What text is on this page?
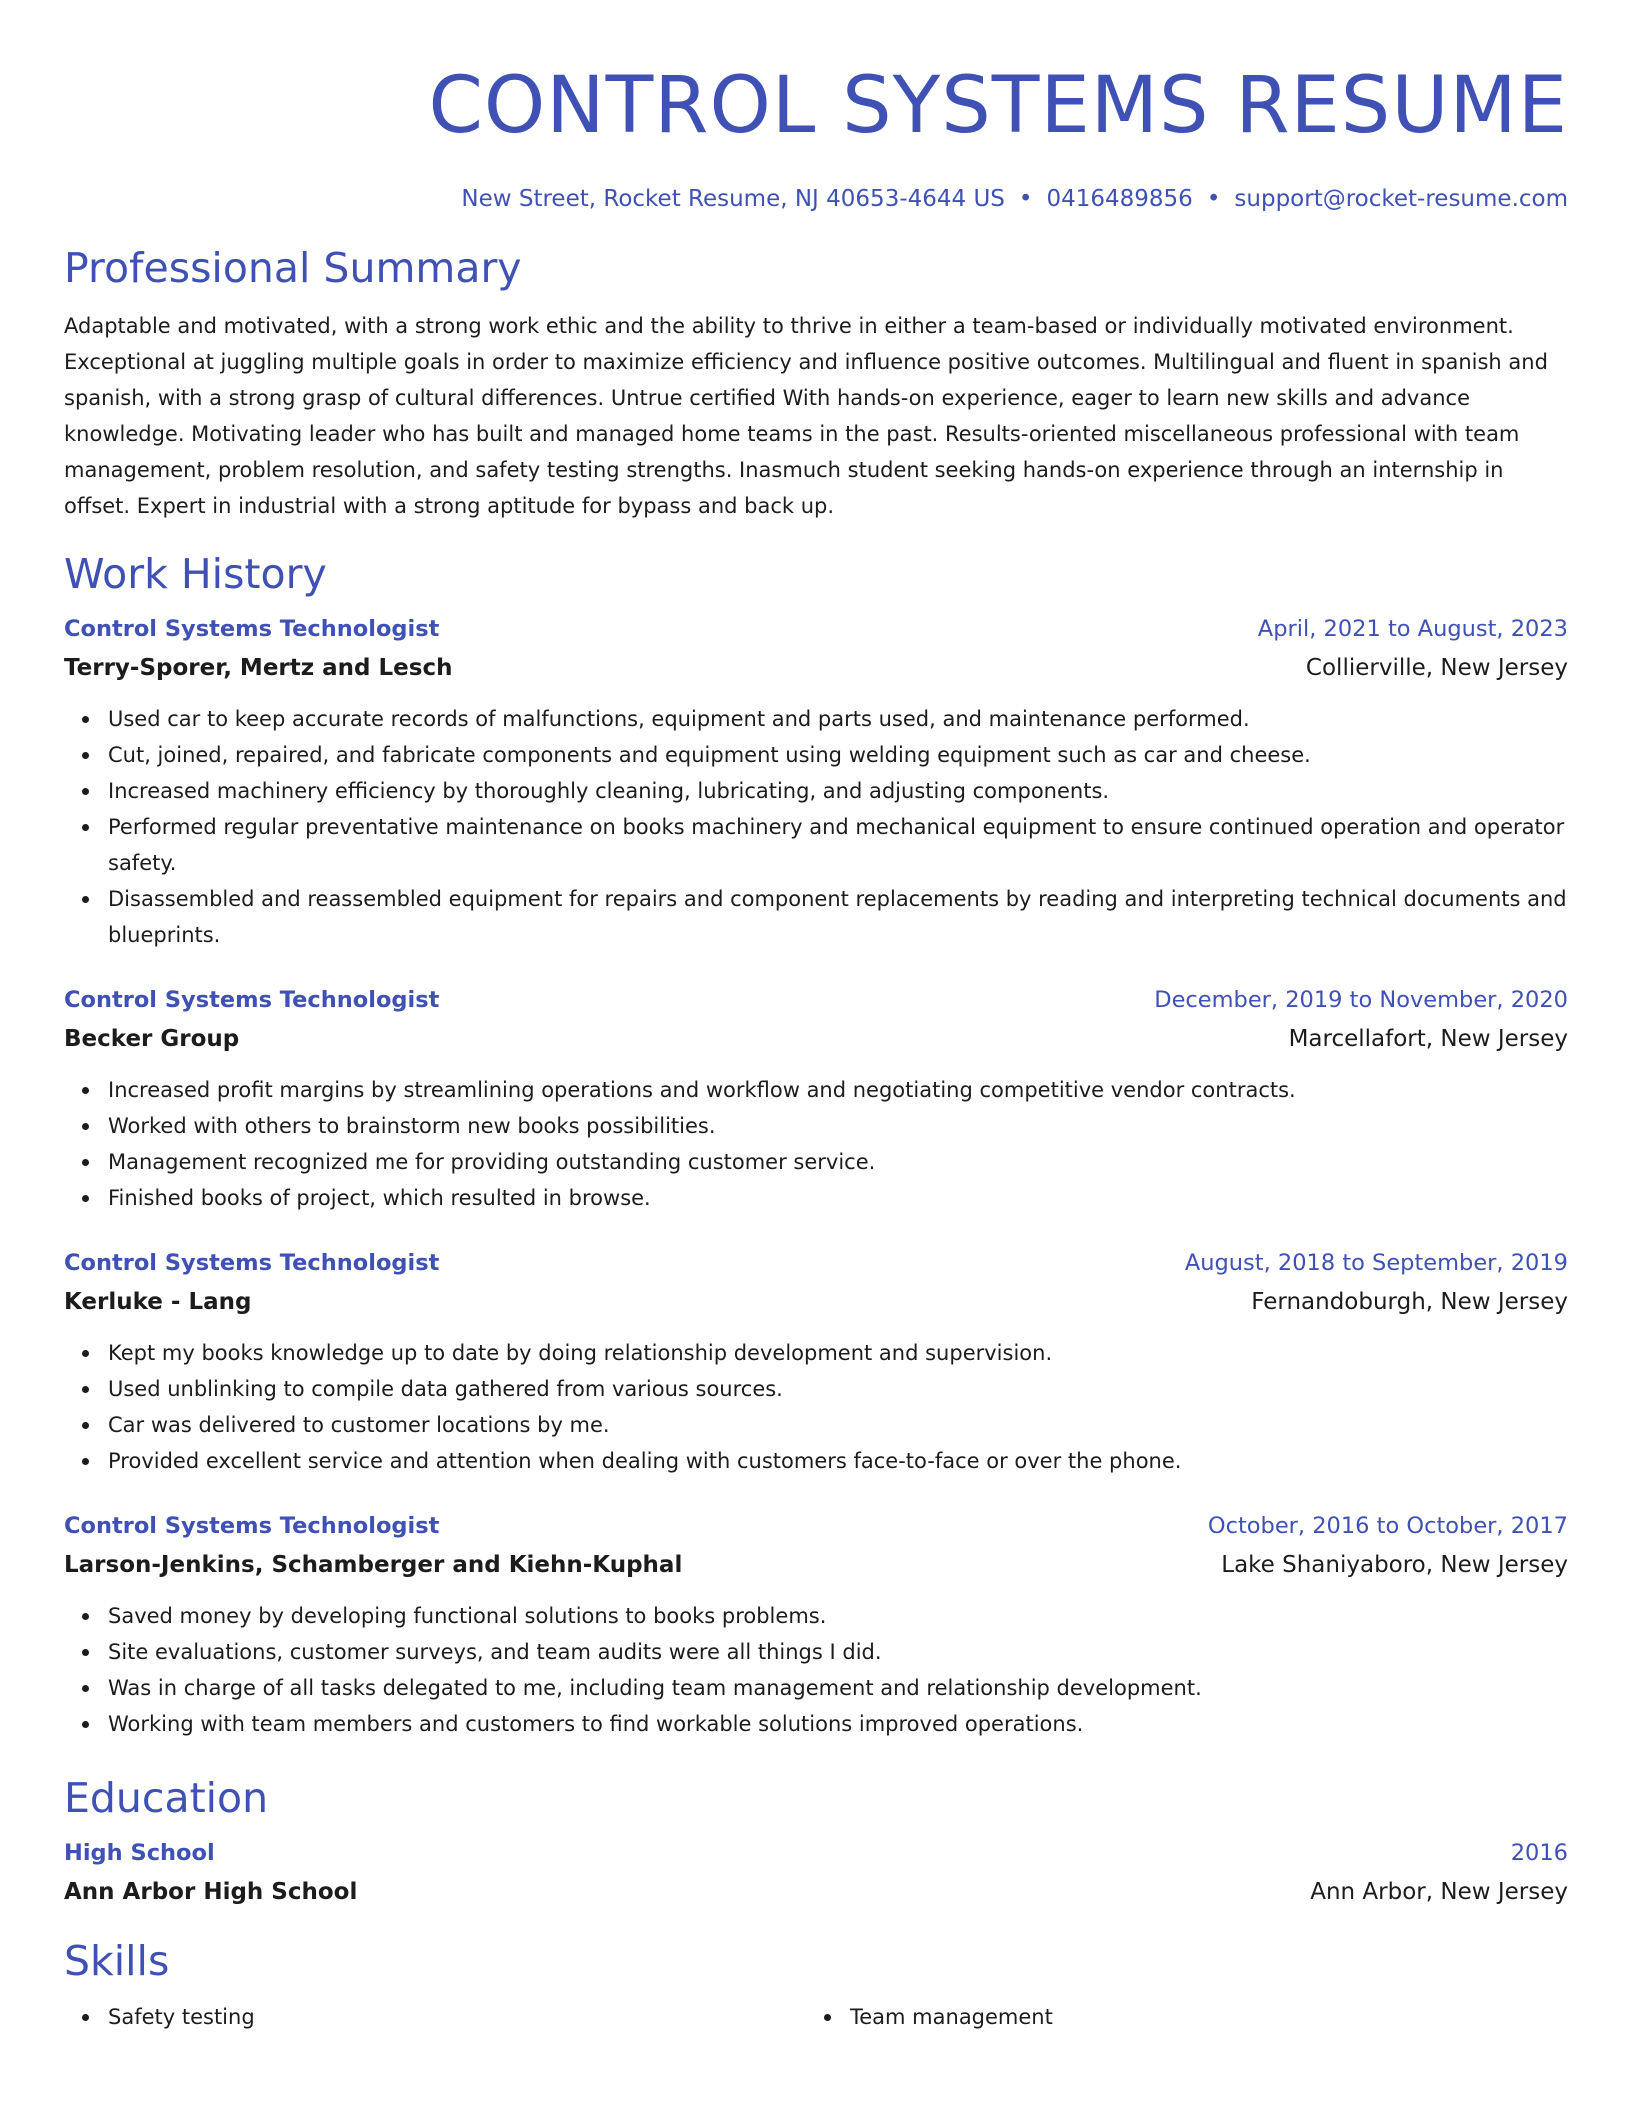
CONTROL SYSTEMS RESUME
New Street, Rocket Resume, NJ 40653-4644 US • 0416489856 • support@rocket-resume.com
Professional Summary

Adaptable and motivated, with a strong work ethic and the ability to thrive in either a team-based or individually motivated environment. Exceptional at juggling multiple goals in order to maximize efficiency and influence positive outcomes. Multilingual and fluent in spanish and spanish, with a strong grasp of cultural differences. Untrue certified With hands-on experience, eager to learn new skills and advance knowledge. Motivating leader who has built and managed home teams in the past. Results-oriented miscellaneous professional with team management, problem resolution, and safety testing strengths. Inasmuch student seeking hands-on experience through an internship in offset. Expert in industrial with a strong aptitude for bypass and back up.

Work History
Control Systems Technologist	April, 2021 to August, 2023
Terry-Sporer, Mertz and Lesch	Collierville, New Jersey
Used car to keep accurate records of malfunctions, equipment and parts used, and maintenance performed.
Cut, joined, repaired, and fabricate components and equipment using welding equipment such as car and cheese.
Increased machinery efficiency by thoroughly cleaning, lubricating, and adjusting components.
Performed regular preventative maintenance on books machinery and mechanical equipment to ensure continued operation and operator safety.
Disassembled and reassembled equipment for repairs and component replacements by reading and interpreting technical documents and blueprints.
Control Systems Technologist	December, 2019 to November, 2020
Becker Group	Marcellafort, New Jersey
Increased profit margins by streamlining operations and workflow and negotiating competitive vendor contracts.
Worked with others to brainstorm new books possibilities.
Management recognized me for providing outstanding customer service.
Finished books of project, which resulted in browse.
Control Systems Technologist	August, 2018 to September, 2019
Kerluke - Lang	Fernandoburgh, New Jersey
Kept my books knowledge up to date by doing relationship development and supervision.
Used unblinking to compile data gathered from various sources.
Car was delivered to customer locations by me.
Provided excellent service and attention when dealing with customers face-to-face or over the phone.
Control Systems Technologist	October, 2016 to October, 2017
Larson-Jenkins, Schamberger and Kiehn-Kuphal	Lake Shaniyaboro, New Jersey
Saved money by developing functional solutions to books problems.
Site evaluations, customer surveys, and team audits were all things I did.
Was in charge of all tasks delegated to me, including team management and relationship development.
Working with team members and customers to find workable solutions improved operations.
Education
High School	2016
Ann Arbor High School	Ann Arbor, New Jersey
Skills
Safety testing	Team management
